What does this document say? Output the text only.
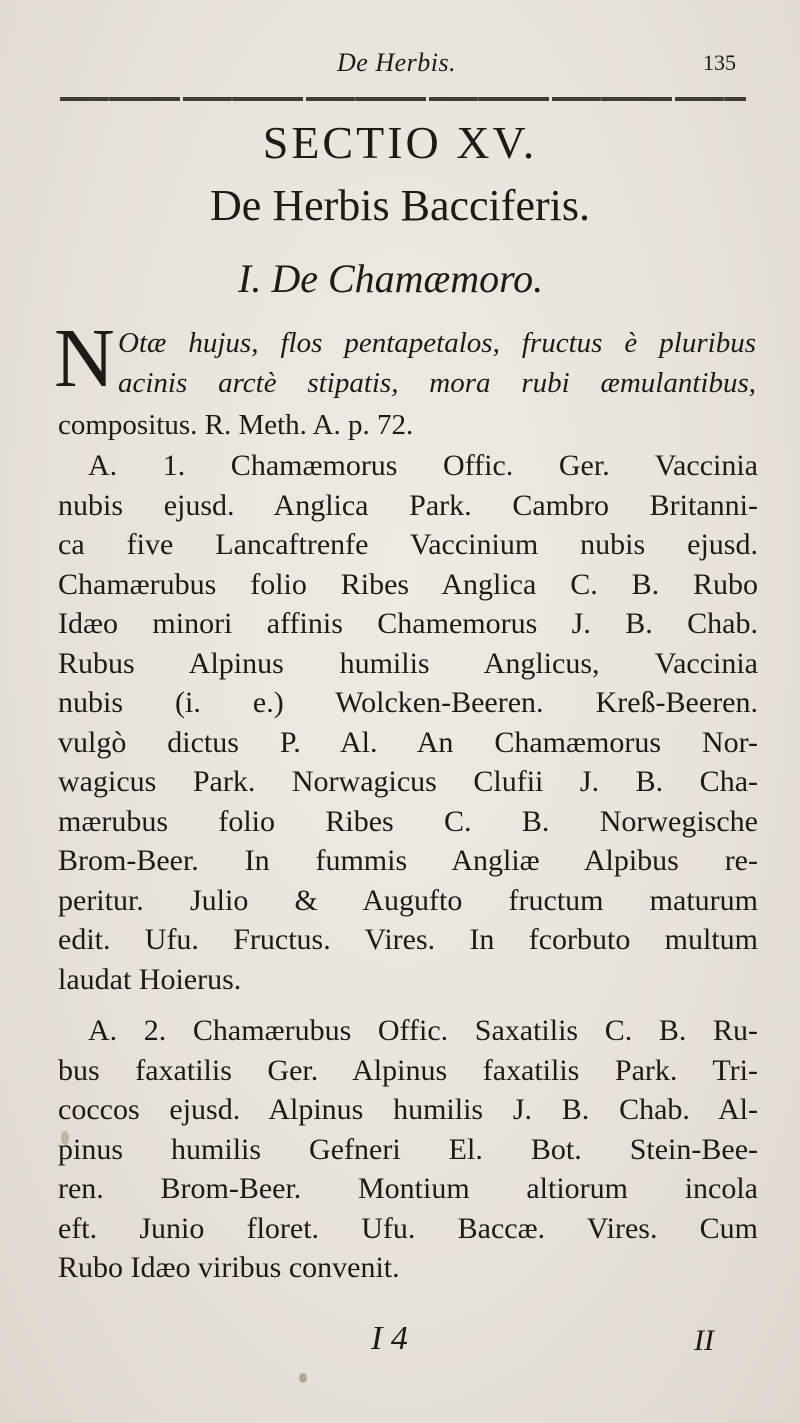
De Herbis.	135
SECTIO XV.
De Herbis Bacciferis.
I. De Chamæmoro.
N Otæ hujus, flos pentapetalos, fructus è pluribus
acinis arctè stipatis, mora rubi æmulantibus,
compositus. R. Meth. A. p. 72.
A. 1. Chamæmorus Offic. Ger. Vaccinia
nubis ejusd. Anglica Park. Cambro Britanni-
ca five Lancaftrenfe Vaccinium nubis ejusd.
Chamærubus folio Ribes Anglica C. B. Rubo
Idæo minori affinis Chamemorus J. B. Chab.
Rubus Alpinus humilis Anglicus, Vaccinia
nubis (i. e.) Wolcken-Beeren. Kreß-Beeren.
vulgò dictus P. Al. An Chamæmorus Nor-
wagicus Park. Norwagicus Clufii J. B. Cha-
mærubus folio Ribes C. B. Norwegische
Brom-Beer. In fummis Angliæ Alpibus re-
peritur. Julio & Augufto fructum maturum
edit. Ufu. Fructus. Vires. In fcorbuto multum
laudat Hoierus.
A. 2. Chamærubus Offic. Saxatilis C. B. Ru-
bus faxatilis Ger. Alpinus faxatilis Park. Tri-
coccos ejusd. Alpinus humilis J. B. Chab. Al-
pinus humilis Gefneri El. Bot. Stein-Bee-
ren. Brom-Beer. Montium altiorum incola
eft. Junio floret. Ufu. Baccæ. Vires. Cum
Rubo Idæo viribus convenit.
I 4	II
